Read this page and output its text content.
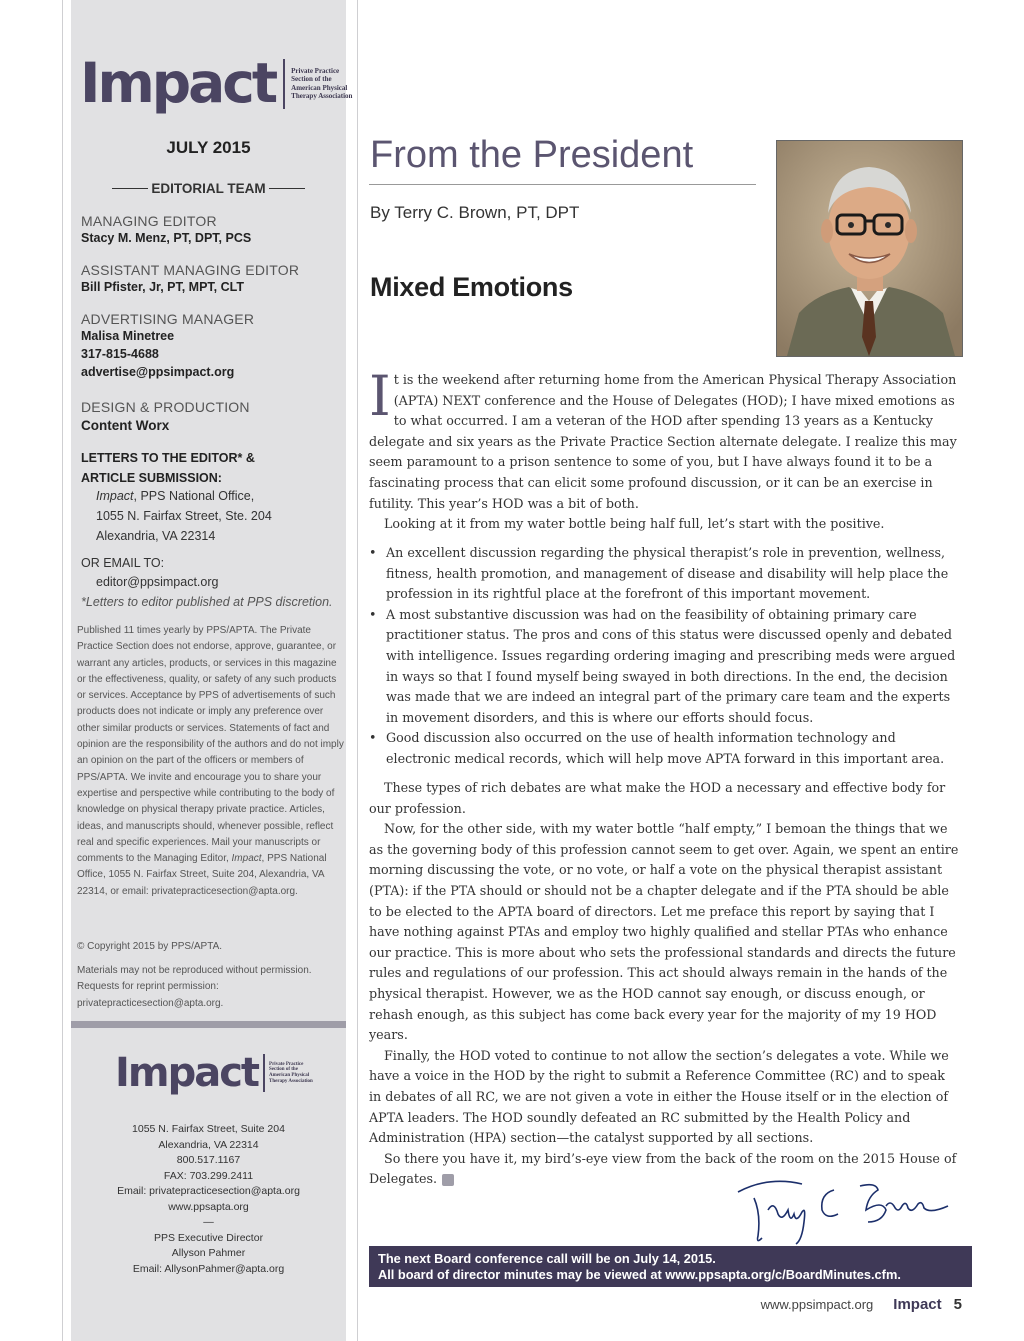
Impact Private Practice
Section of the
American Physical
Therapy Association
JULY 2015
EDITORIAL TEAM
MANAGING EDITOR
Stacy M. Menz, PT, DPT, PCS
ASSISTANT MANAGING EDITOR
Bill Pfister, Jr, PT, MPT, CLT
ADVERTISING MANAGER
Malisa Minetree
317-815-4688
advertise@ppsimpact.org
DESIGN & PRODUCTION
Content Worx
LETTERS TO THE EDITOR* & ARTICLE SUBMISSION:
Impact, PPS National Office,
1055 N. Fairfax Street, Ste. 204
Alexandria, VA 22314
OR EMAIL TO:
editor@ppsimpact.org
*Letters to editor published at PPS discretion.
Published 11 times yearly by PPS/APTA. The Private Practice Section does not endorse, approve, guarantee, or warrant any articles, products, or services in this magazine or the effectiveness, quality, or safety of any such products or services. Acceptance by PPS of advertisements of such products does not indicate or imply any preference over other similar products or services. Statements of fact and opinion are the responsibility of the authors and do not imply an opinion on the part of the officers or members of PPS/APTA. We invite and encourage you to share your expertise and perspective while contributing to the body of knowledge on physical therapy private practice. Articles, ideas, and manuscripts should, whenever possible, reflect real and specific experiences. Mail your manuscripts or comments to the Managing Editor, Impact, PPS National Office, 1055 N. Fairfax Street, Suite 204, Alexandria, VA 22314, or email: privatepracticesection@apta.org.
© Copyright 2015 by PPS/APTA.
Materials may not be reproduced without permission. Requests for reprint permission: privatepracticesection@apta.org.
Impact Private Practice
Section of the
American Physical
Therapy Association
1055 N. Fairfax Street, Suite 204
Alexandria, VA 22314
800.517.1167
FAX: 703.299.2411
Email: privatepracticesection@apta.org
www.ppsapta.org
—
PPS Executive Director
Allyson Pahmer
Email: AllysonPahmer@apta.org
From the President
By Terry C. Brown, PT, DPT
Mixed Emotions

It is the weekend after returning home from the American Physical Therapy Association (APTA) NEXT conference and the House of Delegates (HOD); I have mixed emotions as to what occurred. I am a veteran of the HOD after spending 13 years as a Kentucky delegate and six years as the Private Practice Section alternate delegate. I realize this may seem paramount to a prison sentence to some of you, but I have always found it to be a fascinating process that can elicit some profound discussion, or it can be an exercise in futility. This year’s HOD was a bit of both.

Looking at it from my water bottle being half full, let’s start with the positive.

• An excellent discussion regarding the physical therapist’s role in prevention, wellness, fitness, health promotion, and management of disease and disability will help place the profession in its rightful place at the forefront of this important movement.
• A most substantive discussion was had on the feasibility of obtaining primary care practitioner status. The pros and cons of this status were discussed openly and debated with intelligence. Issues regarding ordering imaging and prescribing meds were argued in ways so that I found myself being swayed in both directions. In the end, the decision was made that we are indeed an integral part of the primary care team and the experts in movement disorders, and this is where our efforts should focus.
• Good discussion also occurred on the use of health information technology and electronic medical records, which will help move APTA forward in this important area.

These types of rich debates are what make the HOD a necessary and effective body for our profession.

Now, for the other side, with my water bottle “half empty,” I bemoan the things that we as the governing body of this profession cannot seem to get over. Again, we spent an entire morning discussing the vote, or no vote, or half a vote on the physical therapist assistant (PTA): if the PTA should or should not be a chapter delegate and if the PTA should be able to be elected to the APTA board of directors. Let me preface this report by saying that I have nothing against PTAs and employ two highly qualified and stellar PTAs who enhance our practice. This is more about who sets the professional standards and directs the future rules and regulations of our profession. This act should always remain in the hands of the physical therapist. However, we as the HOD cannot say enough, or discuss enough, or rehash enough, as this subject has come back every year for the majority of my 19 HOD years.

Finally, the HOD voted to continue to not allow the section’s delegates a vote. While we have a voice in the HOD by the right to submit a Reference Committee (RC) and to speak in debates of all RC, we are not given a vote in either the House itself or in the election of APTA leaders. The HOD soundly defeated an RC submitted by the Health Policy and Administration (HPA) section—the catalyst supported by all sections.

So there you have it, my bird’s-eye view from the back of the room on the 2015 House of Delegates.

The next Board conference call will be on July 14, 2015.
All board of director minutes may be viewed at www.ppsapta.org/c/BoardMinutes.cfm.
www.ppsimpact.org Impact 5
